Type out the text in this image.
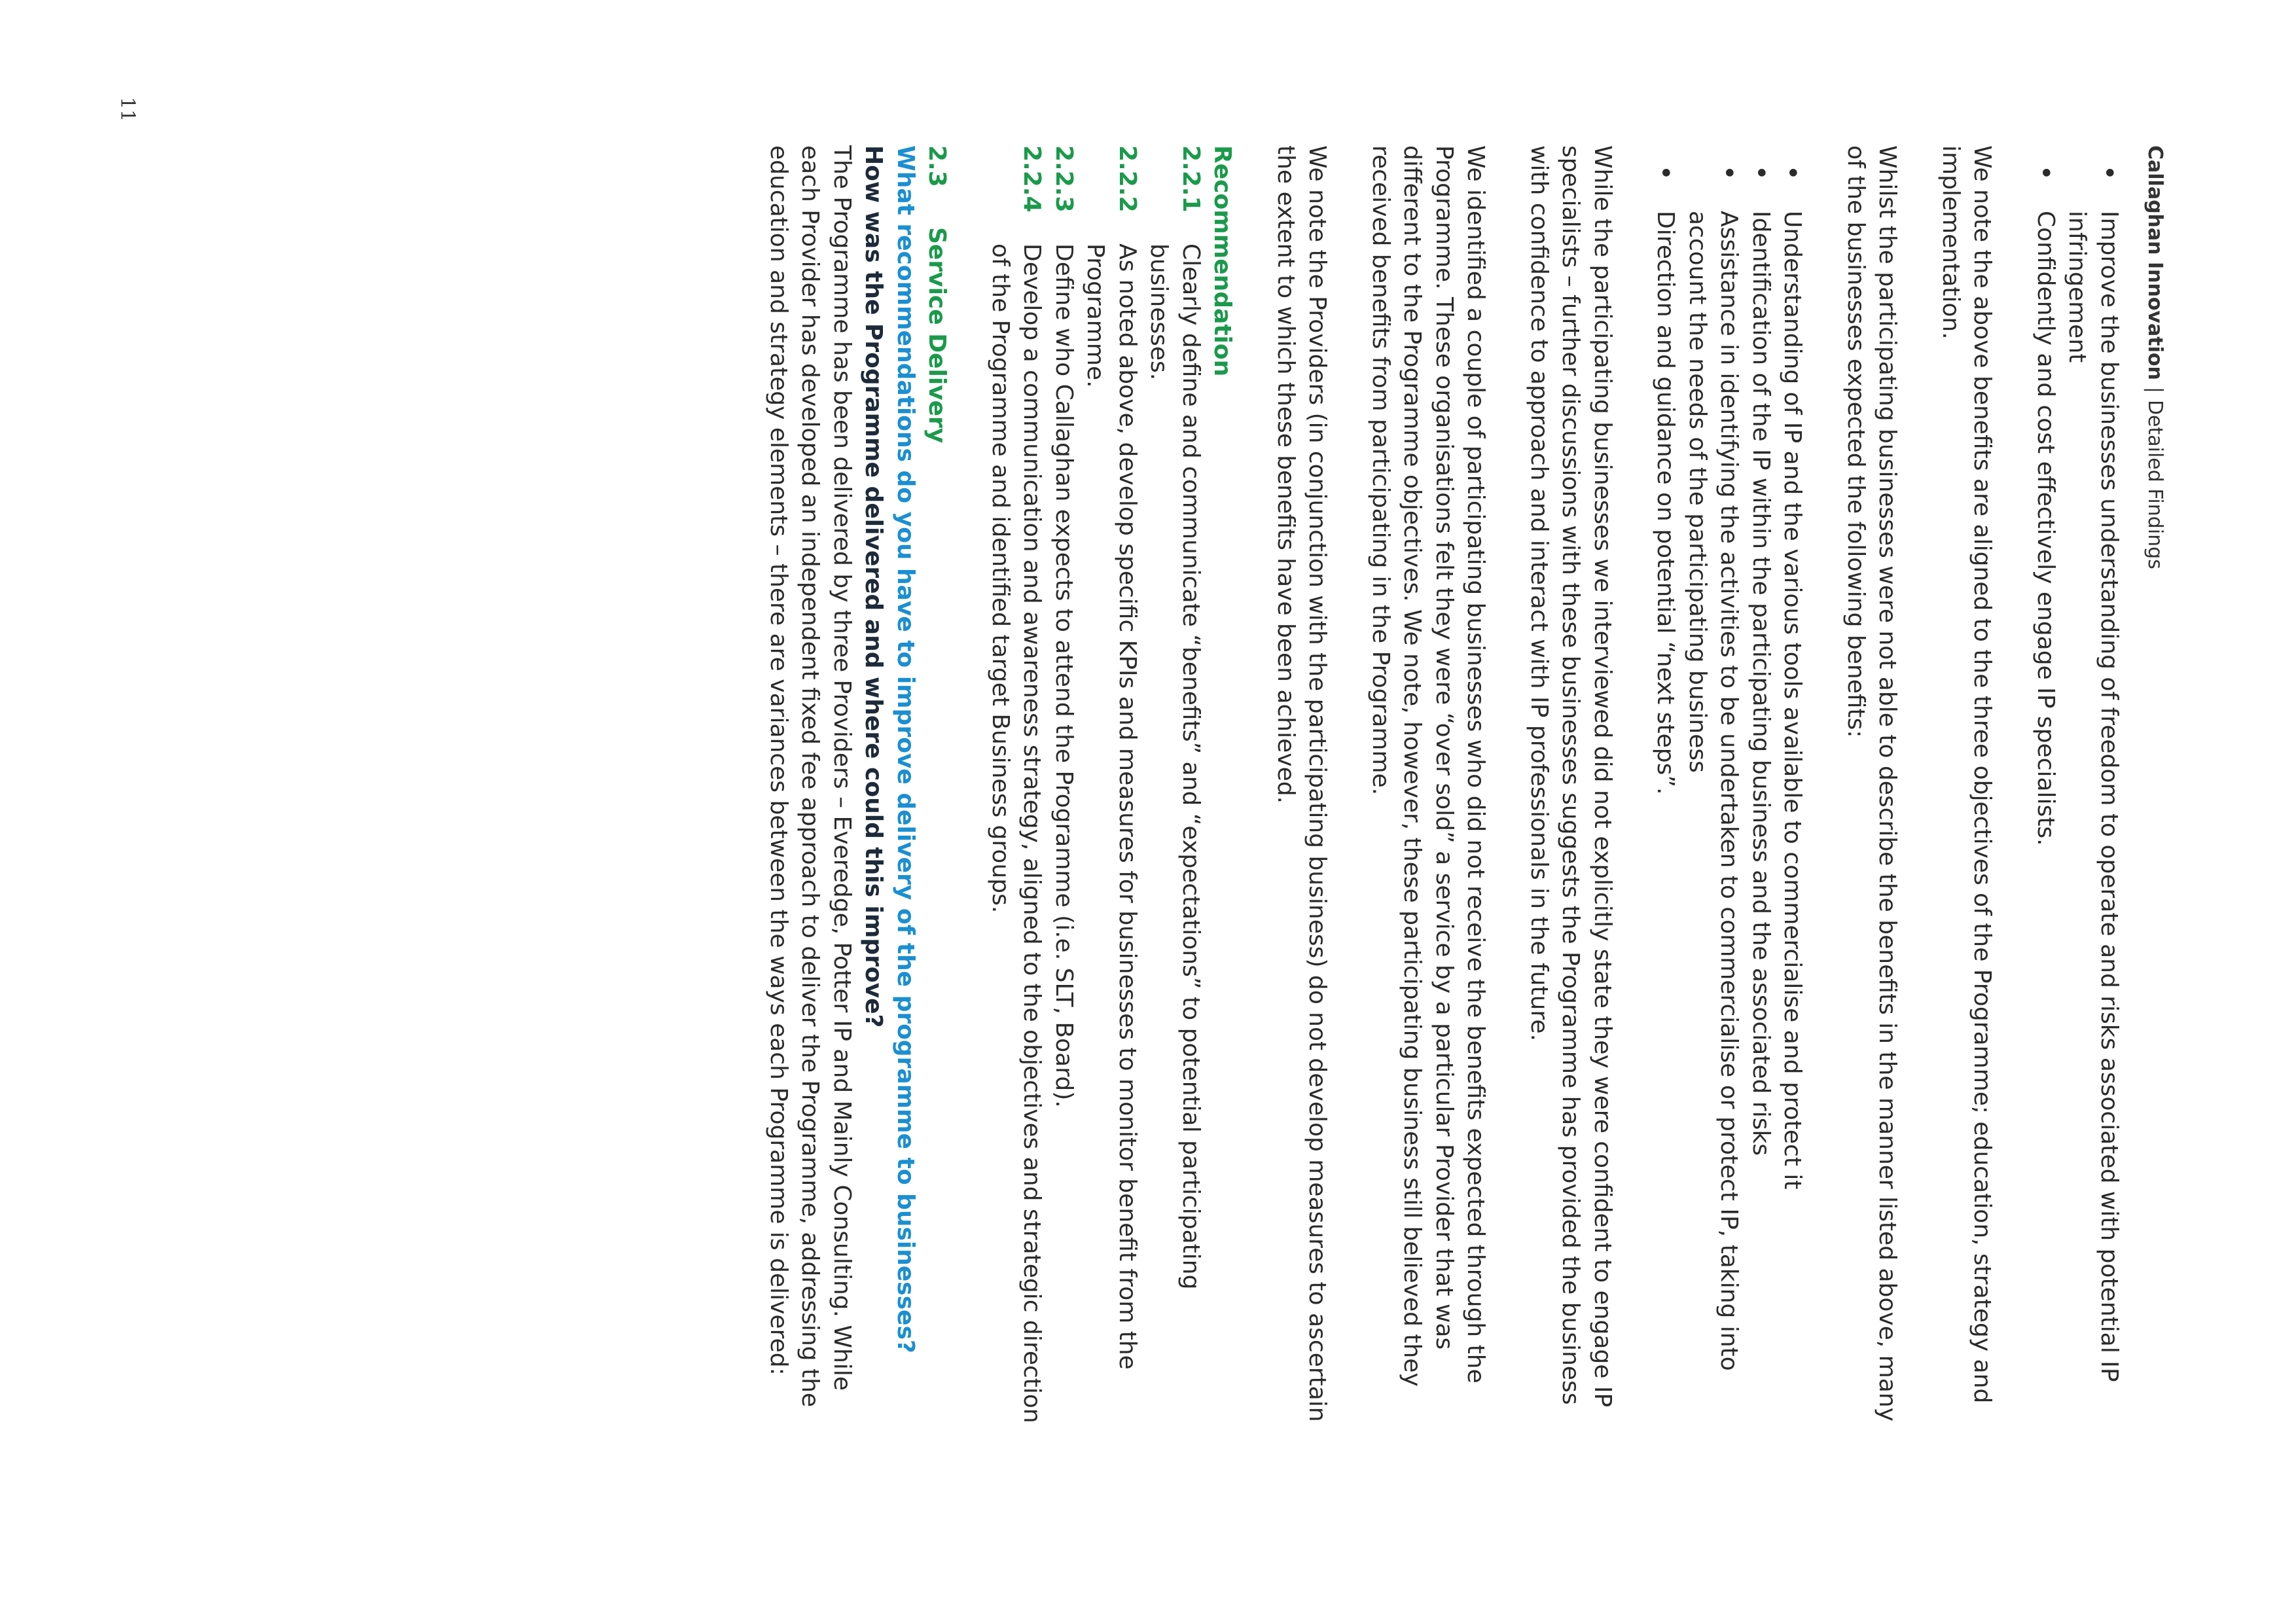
Callaghan Innovation|Detailed Findings
• Improve the businesses understanding of freedom to operate and risks associated with potential IP infringement
• Confidently and cost effectively engage IP specialists.

We note the above benefits are aligned to the three objectives of the Programme; education, strategy and implementation.

Whilst the participating businesses were not able to describe the benefits in the manner listed above, many of the businesses expected the following benefits:

• Understanding of IP and the various tools available to commercialise and protect it
• Identification of the IP within the participating business and the associated risks
• Assistance in identifying the activities to be undertaken to commercialise or protect IP, taking into account the needs of the participating business
• Direction and guidance on potential “next steps”.

While the participating businesses we interviewed did not explicitly state they were confident to engage IP specialists – further discussions with these businesses suggests the Programme has provided the business with confidence to approach and interact with IP professionals in the future.

We identified a couple of participating businesses who did not receive the benefits expected through the Programme. These organisations felt they were “over sold” a service by a particular Provider that was different to the Programme objectives. We note, however, these participating business still believed they received benefits from participating in the Programme.

We note the Providers (in conjunction with the participating business) do not develop measures to ascertain the extent to which these benefits have been achieved.

Recommendation
2.2.1
Clearly define and communicate “benefits” and “expectations” to potential participating businesses.
2.2.2
As noted above, develop specific KPIs and measures for businesses to monitor benefit from the Programme.
2.2.3
Define who Callaghan expects to attend the Programme (i.e. SLT, Board).
2.2.4
Develop a communication and awareness strategy, aligned to the objectives and strategic direction of the Programme and identified target Business groups.
2.3Service Delivery
What recommendations do you have to improve delivery of the programme to businesses?
How was the Programme delivered and where could this improve?

The Programme has been delivered by three Providers – Everedge, Potter IP and Mainly Consulting. While each Provider has developed an independent fixed fee approach to deliver the Programme, addressing the education and strategy elements – there are variances between the ways each Programme is delivered:

11
